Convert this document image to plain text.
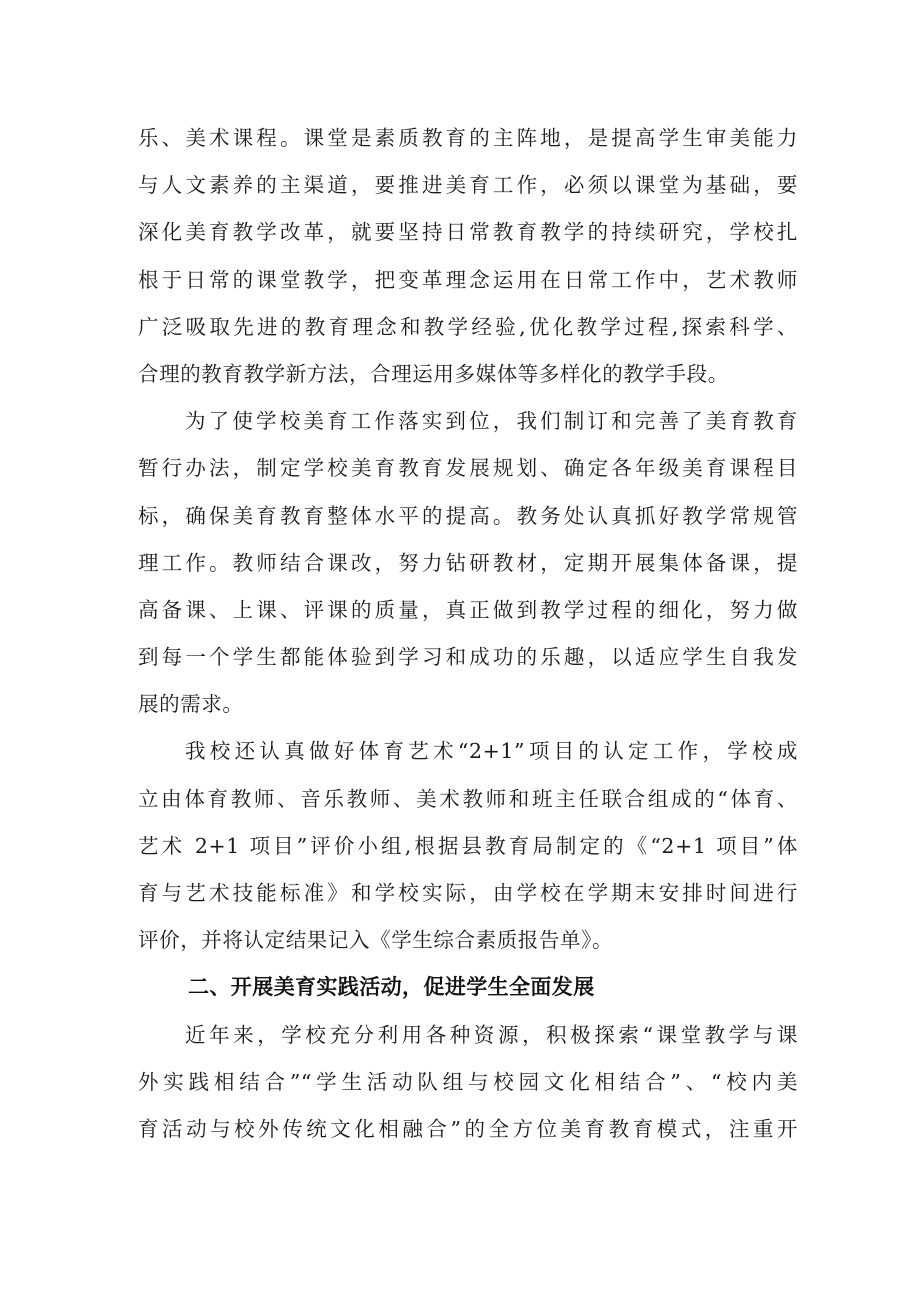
乐、美术课程。课堂是素质教育的主阵地，是提高学生审美能力
与人文素养的主渠道，要推进美育工作，必须以课堂为基础，要
深化美育教学改革，就要坚持日常教育教学的持续研究，学校扎
根于日常的课堂教学，把变革理念运用在日常工作中，艺术教师
广泛吸取先进的教育理念和教学经验,优化教学过程,探索科学、
合理的教育教学新方法，合理运用多媒体等多样化的教学手段。
为了使学校美育工作落实到位，我们制订和完善了美育教育
暂行办法，制定学校美育教育发展规划、确定各年级美育课程目
标，确保美育教育整体水平的提高。教务处认真抓好教学常规管
理工作。教师结合课改，努力钻研教材，定期开展集体备课，提
高备课、上课、评课的质量，真正做到教学过程的细化，努力做
到每一个学生都能体验到学习和成功的乐趣，以适应学生自我发
展的需求。
我校还认真做好体育艺术“2+1”项目的认定工作，学校成
立由体育教师、音乐教师、美术教师和班主任联合组成的“体育、
艺术 2+1 项目”评价小组,根据县教育局制定的《“2+1 项目”体
育与艺术技能标准》和学校实际，由学校在学期末安排时间进行
评价，并将认定结果记入《学生综合素质报告单》。
二、开展美育实践活动，促进学生全面发展
近年来，学校充分利用各种资源，积极探索“课堂教学与课
外实践相结合”“学生活动队组与校园文化相结合”、“校内美
育活动与校外传统文化相融合”的全方位美育教育模式，注重开
